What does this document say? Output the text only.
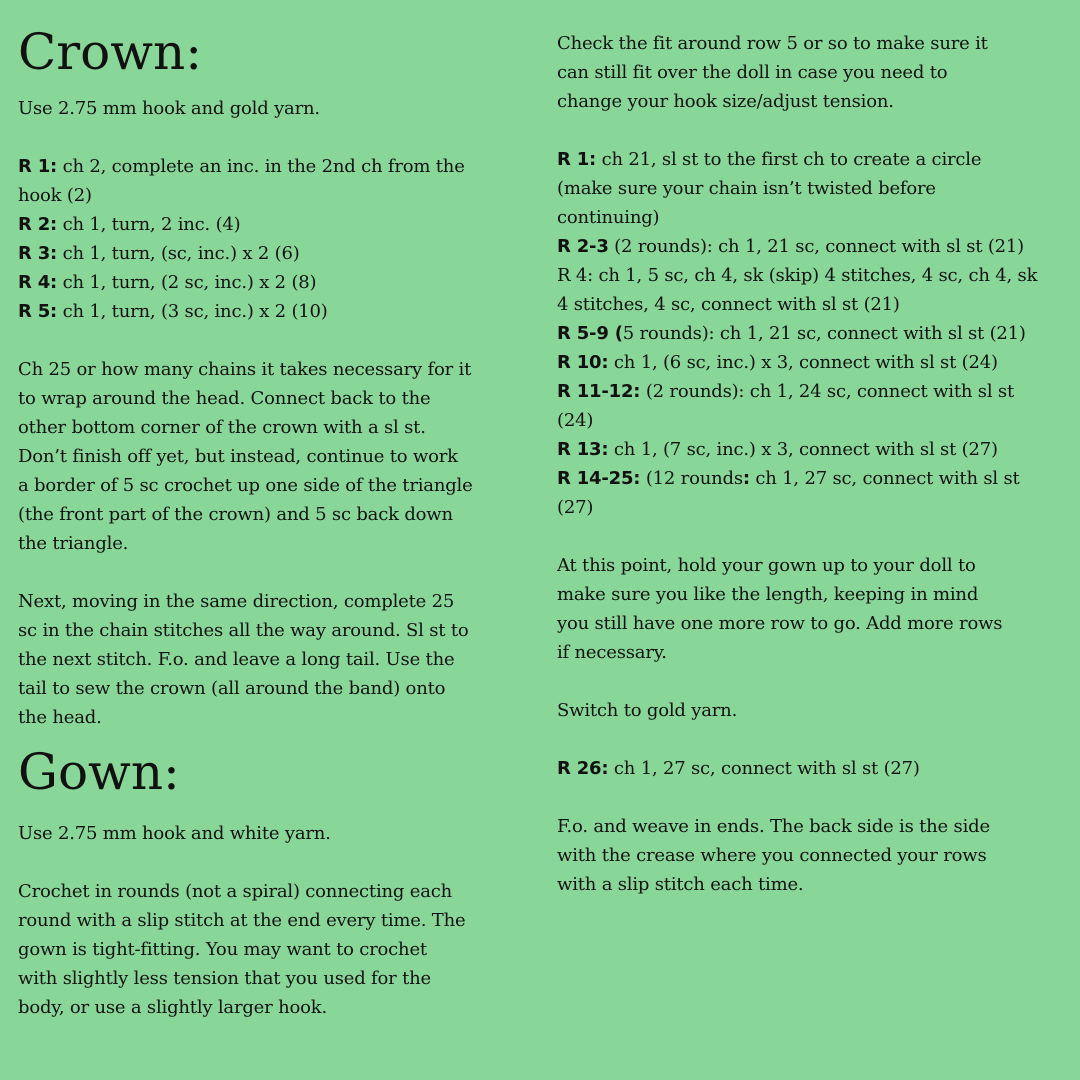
Crown:

Use 2.75 mm hook and gold yarn.

R 1: ch 2, complete an inc. in the 2nd ch from the
hook (2)
R 2: ch 1, turn, 2 inc. (4)
R 3: ch 1, turn, (sc, inc.) x 2 (6)
R 4: ch 1, turn, (2 sc, inc.) x 2 (8)
R 5: ch 1, turn, (3 sc, inc.) x 2 (10)
Ch 25 or how many chains it takes necessary for it
to wrap around the head. Connect back to the
other bottom corner of the crown with a sl st.
Don’t finish off yet, but instead, continue to work
a border of 5 sc crochet up one side of the triangle
(the front part of the crown) and 5 sc back down
the triangle.
Next, moving in the same direction, complete 25
sc in the chain stitches all the way around. Sl st to
the next stitch. F.o. and leave a long tail. Use the
tail to sew the crown (all around the band) onto
the head.
Gown:

Use 2.75 mm hook and white yarn.

Crochet in rounds (not a spiral) connecting each
round with a slip stitch at the end every time. The
gown is tight-fitting. You may want to crochet
with slightly less tension that you used for the
body, or use a slightly larger hook.
Check the fit around row 5 or so to make sure it
can still fit over the doll in case you need to
change your hook size/adjust tension.
R 1: ch 21, sl st to the first ch to create a circle
(make sure your chain isn’t twisted before
continuing)
R 2-3 (2 rounds): ch 1, 21 sc, connect with sl st (21)
R 4: ch 1, 5 sc, ch 4, sk (skip) 4 stitches, 4 sc, ch 4, sk
4 stitches, 4 sc, connect with sl st (21)
R 5-9 (5 rounds): ch 1, 21 sc, connect with sl st (21)
R 10: ch 1, (6 sc, inc.) x 3, connect with sl st (24)
R 11-12: (2 rounds): ch 1, 24 sc, connect with sl st
(24)
R 13: ch 1, (7 sc, inc.) x 3, connect with sl st (27)
R 14-25: (12 rounds: ch 1, 27 sc, connect with sl st
(27)
At this point, hold your gown up to your doll to
make sure you like the length, keeping in mind
you still have one more row to go. Add more rows
if necessary.

Switch to gold yarn.

R 26: ch 1, 27 sc, connect with sl st (27)

F.o. and weave in ends. The back side is the side
with the crease where you connected your rows
with a slip stitch each time.
